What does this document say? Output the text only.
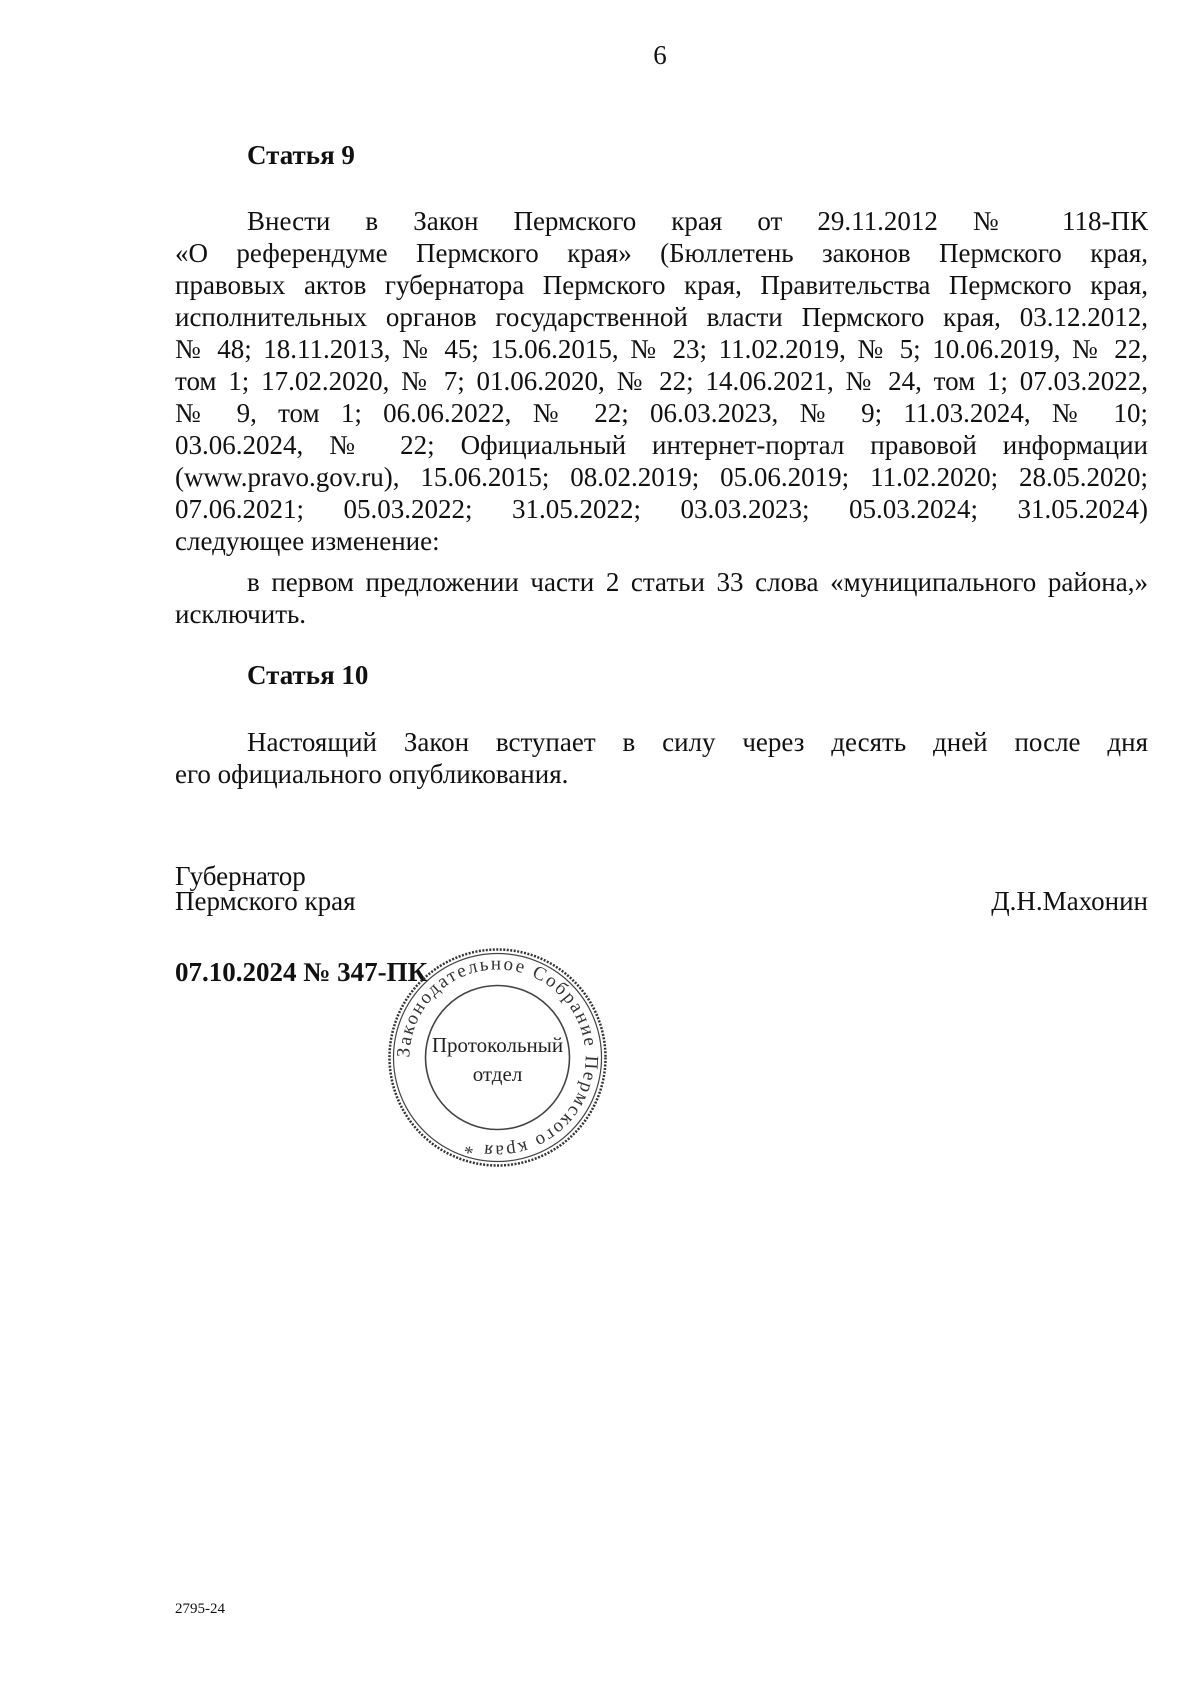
6
Статья 9
Внести в Закон Пермского края от 29.11.2012 № 118-ПК
«О референдуме Пермского края» (Бюллетень законов Пермского края,
правовых актов губернатора Пермского края, Правительства Пермского края,
исполнительных органов государственной власти Пермского края, 03.12.2012,
№ 48; 18.11.2013, № 45; 15.06.2015, № 23; 11.02.2019, № 5; 10.06.2019, № 22,
том 1; 17.02.2020, № 7; 01.06.2020, № 22; 14.06.2021, № 24, том 1; 07.03.2022,
№ 9, том 1; 06.06.2022, № 22; 06.03.2023, № 9; 11.03.2024, № 10;
03.06.2024, № 22; Официальный интернет-портал правовой информации
(www.pravo.gov.ru), 15.06.2015; 08.02.2019; 05.06.2019; 11.02.2020; 28.05.2020;
07.06.2021; 05.03.2022; 31.05.2022; 03.03.2023; 05.03.2024; 31.05.2024)
следующее изменение:
в первом предложении части 2 статьи 33 слова «муниципального района,»
исключить.
Статья 10
Настоящий Закон вступает в силу через десять дней после дня
его официального опубликования.
Губернатор
Пермского края	Д.Н.Махонин
07.10.2024 № 347-ПК
Законодательное Собрание Пермского края *
Протокольный
отдел
2795-24
